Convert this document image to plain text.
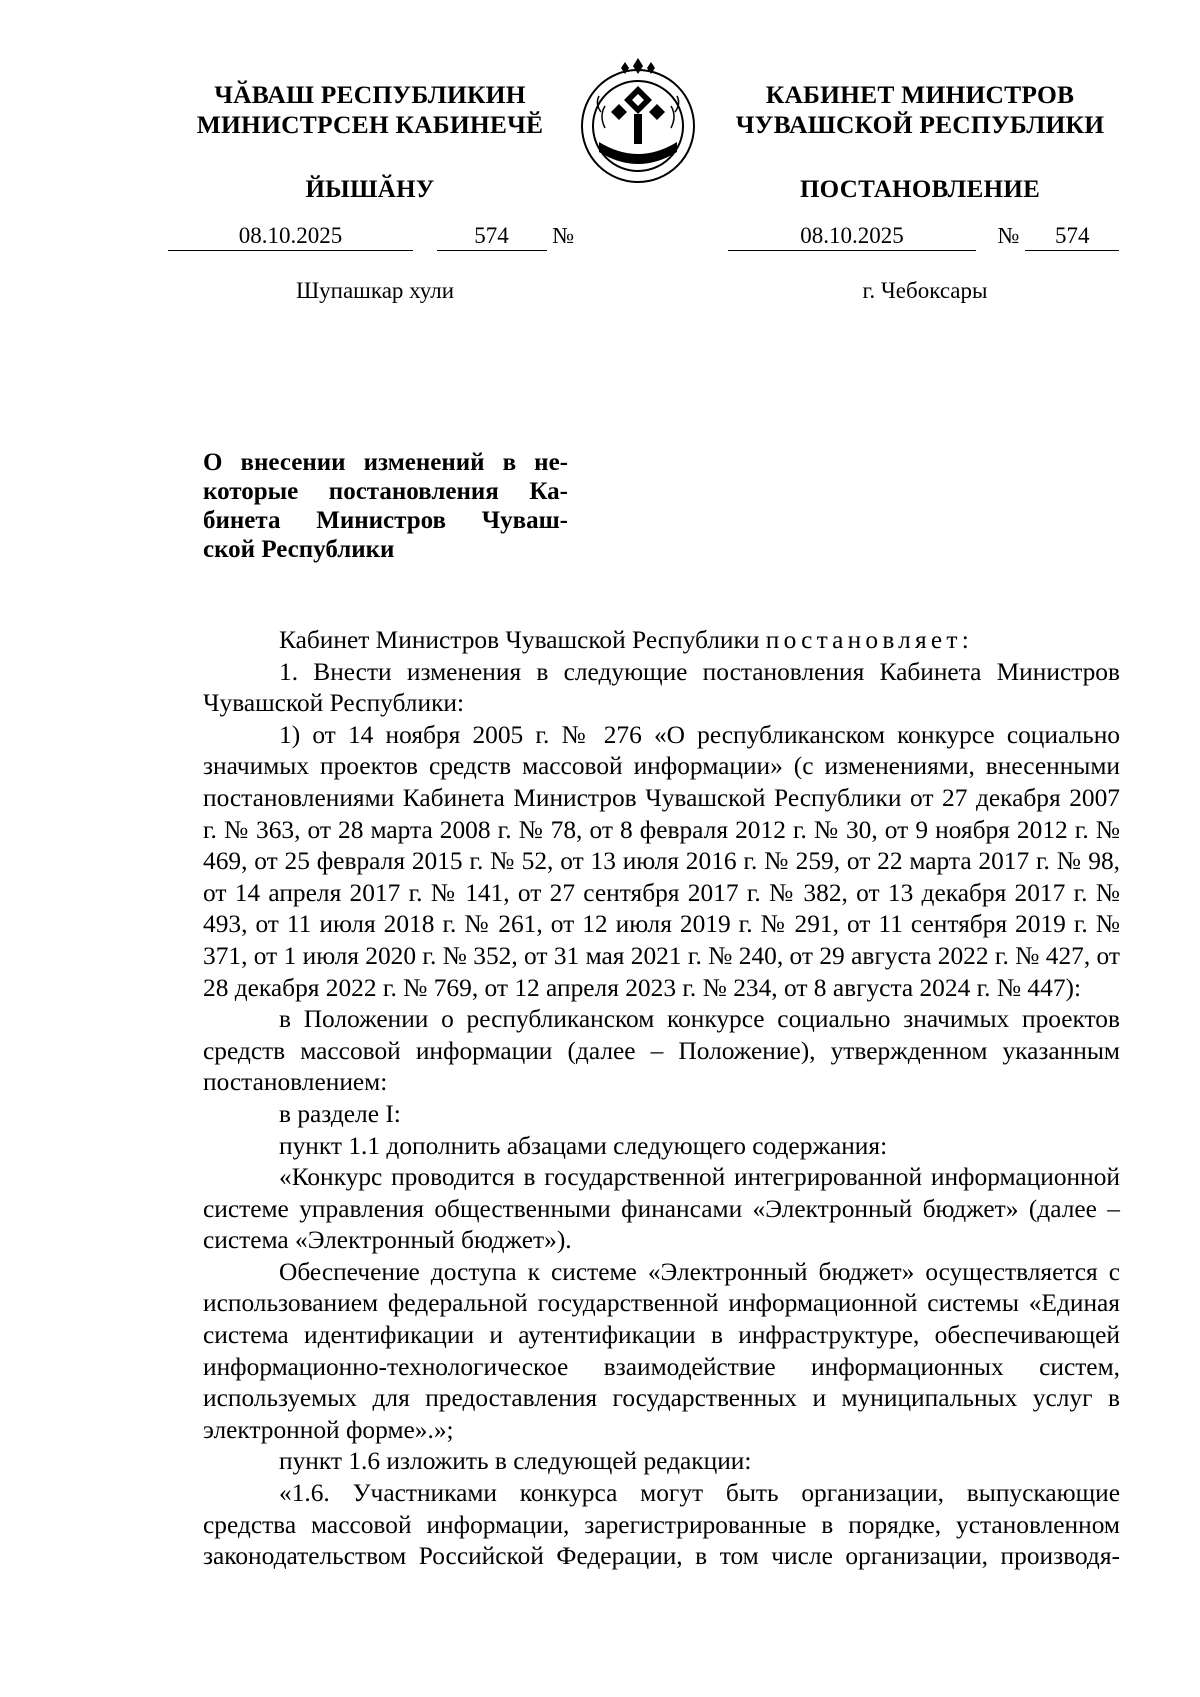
ЧӐВАШ РЕСПУБЛИКИН
МИНИСТРСЕН КАБИНЕЧӖ
ЙЫШӐНУ
КАБИНЕТ МИНИСТРОВ
ЧУВАШСКОЙ РЕСПУБЛИКИ
ПОСТАНОВЛЕНИЕ
08.10.2025	574 №	08.10.2025	№ 574
Шупашкар хули	г. Чебоксары
О внесении изменений в не-
которые постановления Ка-
бинета Министров Чуваш-
ской Республики

Кабинет Министров Чувашской Республики постановляет:

1. Внести изменения в следующие постановления Кабинета Министров Чувашской Республики:

1) от 14 ноября 2005 г. № 276 «О республиканском конкурсе социально значимых проектов средств массовой информации» (с изменениями, внесенными постановлениями Кабинета Министров Чувашской Республики от 27 декабря 2007 г. № 363, от 28 марта 2008 г. № 78, от 8 февраля 2012 г. № 30, от 9 ноября 2012 г. № 469, от 25 февраля 2015 г. № 52, от 13 июля 2016 г. № 259, от 22 марта 2017 г. № 98, от 14 апреля 2017 г. № 141, от 27 сентября 2017 г. № 382, от 13 декабря 2017 г. № 493, от 11 июля 2018 г. № 261, от 12 июля 2019 г. № 291, от 11 сентября 2019 г. № 371, от 1 июля 2020 г. № 352, от 31 мая 2021 г. № 240, от 29 августа 2022 г. № 427, от 28 декабря 2022 г. № 769, от 12 апреля 2023 г. № 234, от 8 августа 2024 г. № 447):

в Положении о республиканском конкурсе социально значимых проектов средств массовой информации (далее – Положение), утвержденном указанным постановлением:

в разделе I:

пункт 1.1 дополнить абзацами следующего содержания:

«Конкурс проводится в государственной интегрированной информационной системе управления общественными финансами «Электронный бюджет» (далее – система «Электронный бюджет»).

Обеспечение доступа к системе «Электронный бюджет» осуществляется с использованием федеральной государственной информационной системы «Единая система идентификации и аутентификации в инфраструктуре, обеспечивающей информационно-технологическое взаимодействие информационных систем, используемых для предоставления государственных и муниципальных услуг в электронной форме».»;

пункт 1.6 изложить в следующей редакции:

«1.6. Участниками конкурса могут быть организации, выпускающие средства массовой информации, зарегистрированные в порядке, установленном законодательством Российской Федерации, в том числе организации, производя-
